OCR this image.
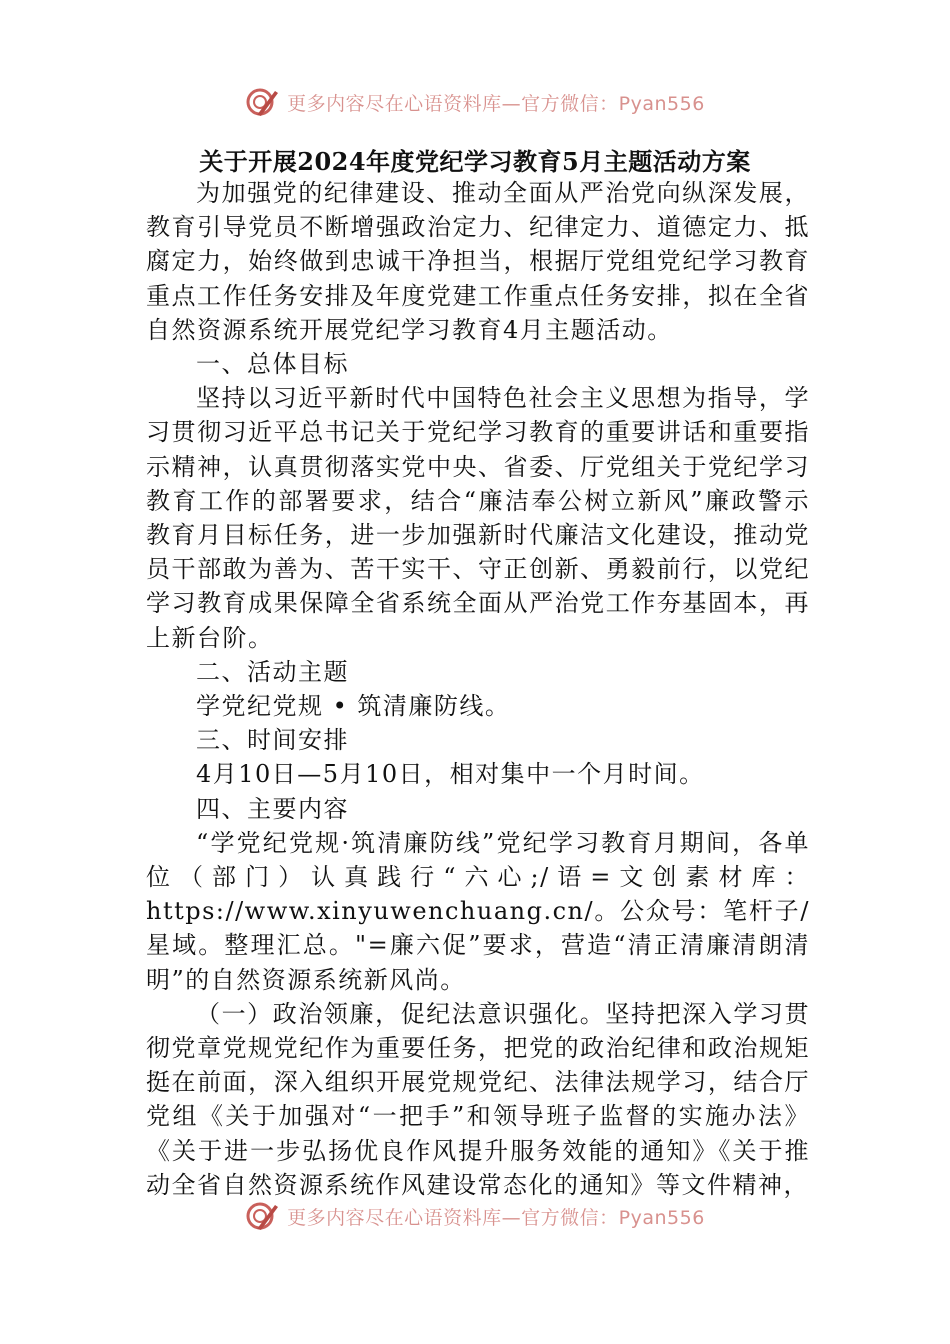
更多内容尽在心语资料库—官方微信：Pyan556
关于开展2024年度党纪学习教育5月主题活动方案

为加强党的纪律建设、推动全面从严治党向纵深发展，教育引导党员不断增强政治定力、纪律定力、道德定力、抵腐定力，始终做到忠诚干净担当，根据厅党组党纪学习教育重点工作任务安排及年度党建工作重点任务安排，拟在全省自然资源系统开展党纪学习教育4月主题活动。

一、总体目标

坚持以习近平新时代中国特色社会主义思想为指导，学习贯彻习近平总书记关于党纪学习教育的重要讲话和重要指示精神，认真贯彻落实党中央、省委、厅党组关于党纪学习教育工作的部署要求，结合“廉洁奉公树立新风”廉政警示教育月目标任务，进一步加强新时代廉洁文化建设，推动党员干部敢为善为、苦干实干、守正创新、勇毅前行，以党纪学习教育成果保障全省系统全面从严治党工作夯基固本，再上新台阶。

二、活动主题

学党纪党规 • 筑清廉防线。

三、时间安排

4月10日—5月10日，相对集中一个月时间。

四、主要内容

“学党纪党规·筑清廉防线”党纪学习教育月期间，各单位（部门）认真践行“六心;/语=文创素材库：https://www.xinyuwenchuang.cn/。公众号：笔杆子/星域。整理汇总。"=廉六促”要求，营造“清正清廉清朗清明”的自然资源系统新风尚。

（一）政治领廉，促纪法意识强化。坚持把深入学习贯彻党章党规党纪作为重要任务，把党的政治纪律和政治规矩挺在前面，深入组织开展党规党纪、法律法规学习，结合厅党组《关于加强对“一把手”和领导班子监督的实施办法》《关于进一步弘扬优良作风提升服务效能的通知》《关于推动全省自然资源系统作风建设常态化的通知》等文件精神，

更多内容尽在心语资料库—官方微信：Pyan556
